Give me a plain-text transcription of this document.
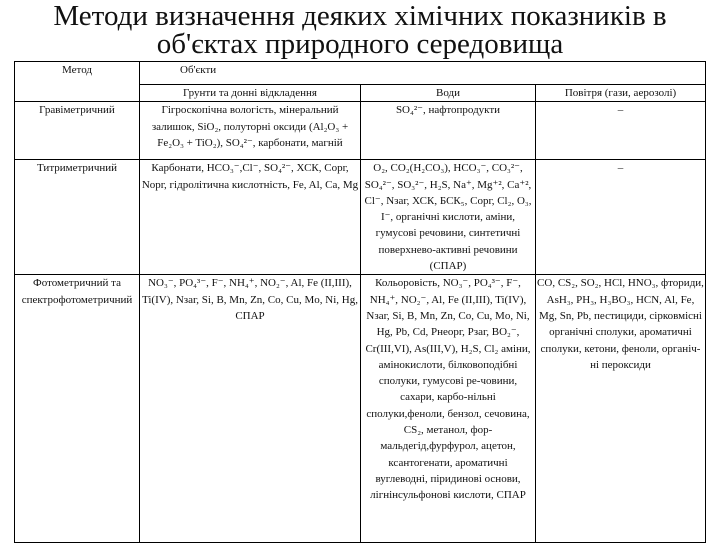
Методи визначення деяких хімічних показників в об'єктах природного середовища
Метод	Об'єкти		
	Грунти та донні відкладення	Води	Повітря (гази, аерозолі)
Гравіметричний	Гігроскопічна вологість, мінеральний залишок, SiO₂, полуторні оксиди (Al₂O₃ + Fe₂O₃ + TiO₂), SO₄²⁻, карбонати, магній	SO₄²⁻, нафтопродукти	–
Титриметричний	Карбонати, HCO₃⁻,Cl⁻, SO₄²⁻, ХСК, Cорг, Nорг, гідролітична кислотність, Fe, Al, Ca, Mg	O₂, CO₂(H₂CO₃), HCO₃⁻, CO₃²⁻, SO₄²⁻, SO₃²⁻, H₂S, Na⁺, Mg⁺², Ca⁺², Cl⁻, Nзаг, ХСК, БСК₅, Cорг, Cl₂, O₃, I⁻, органічні кислоти, аміни, гумусові речовини, синтетичні поверхнево-активні речовини (СПАР)	–
Фотометричний та спектрофотометричний	NO₃⁻, PO₄³⁻, F⁻, NH₄⁺, NO₂⁻, Al, Fe (II,III), Ti(IV), Nзаг, Si, B, Mn, Zn, Co, Cu, Mo, Ni, Hg, СПАР	Кольоровість, NO₃⁻, PO₄³⁻, F⁻, NH₄⁺, NO₂⁻, Al, Fe (II,III), Ti(IV), Nзаг, Si, B, Mn, Zn, Co, Cu, Mo, Ni, Hg, Pb, Cd, Pнеорг, Pзаг, BO₂⁻, Cr(III,VI), As(III,V), H₂S, Cl₂ аміни, амінокислоти, білковоподібні сполуки, гумусові ре-човини, сахари, карбо-нільні сполуки,феноли, бензол, сечовина, CS₂, метанол, фор-мальдегід,фурфурол, ацетон, ксантогенати, ароматичні вуглеводні, піридинові основи, лігнінсульфонові кислоти, СПАР	CO, CS₂, SO₂, HCl, HNO₃, фториди, AsH₃, PH₃, H₃BO₃, HCN, Al, Fe, Mg, Sn, Pb, пестициди, сірковмісні органічні сполуки, ароматичні сполуки, кетони, феноли, органіч-ні пероксиди
